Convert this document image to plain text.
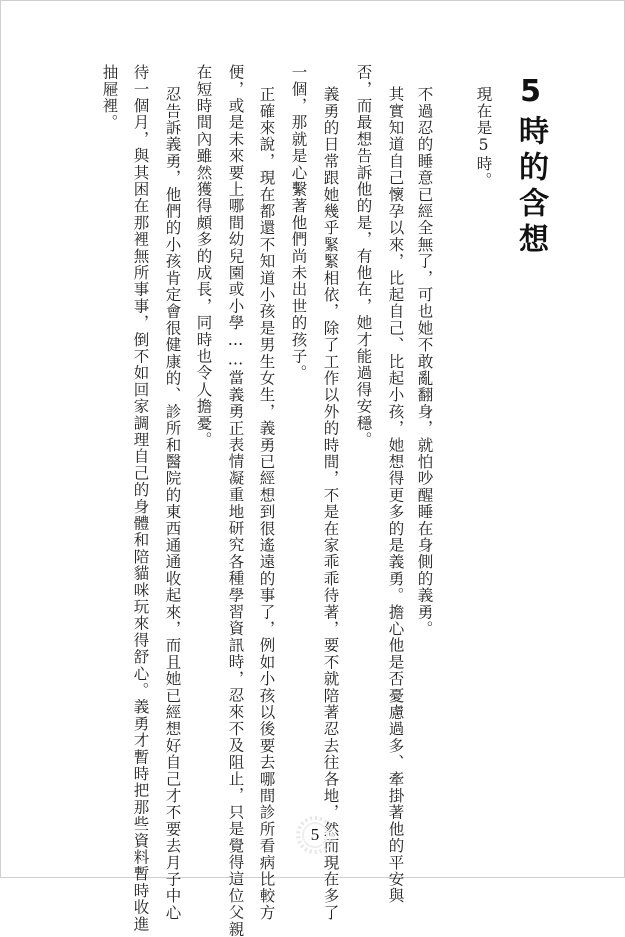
5時的含想
現在是5時。
不過忍的睡意已經全無了，可也她不敢亂翻身，就怕吵醒睡在身側的義勇。
其實知道自己懷孕以來，比起自己、比起小孩，她想得更多的是義勇。擔心他是否憂慮過多、牽掛著他的平安與
否，而最想告訴他的是，有他在，她才能過得安穩。
義勇的日常跟她幾乎緊緊相依，除了工作以外的時間，不是在家乖乖待著，要不就陪著忍去往各地，然而現在多了
一個，那就是心繫著他們尚未出世的孩子。
正確來說，現在都還不知道小孩是男生女生，義勇已經想到很遙遠的事了，例如小孩以後要去哪間診所看病比較方
便，或是未來要上哪間幼兒園或小學……當義勇正表情凝重地研究各種學習資訊時，忍來不及阻止，只是覺得這位父親
在短時間內雖然獲得頗多的成長，同時也令人擔憂。
忍告訴義勇，他們的小孩肯定會很健康的、診所和醫院的東西通通收起來，而且她已經想好自己才不要去月子中心
待一個月，與其困在那裡無所事事，倒不如回家調理自己的身體和陪貓咪玩來得舒心。義勇才暫時把那些資料暫時收進
抽屜裡。
5
